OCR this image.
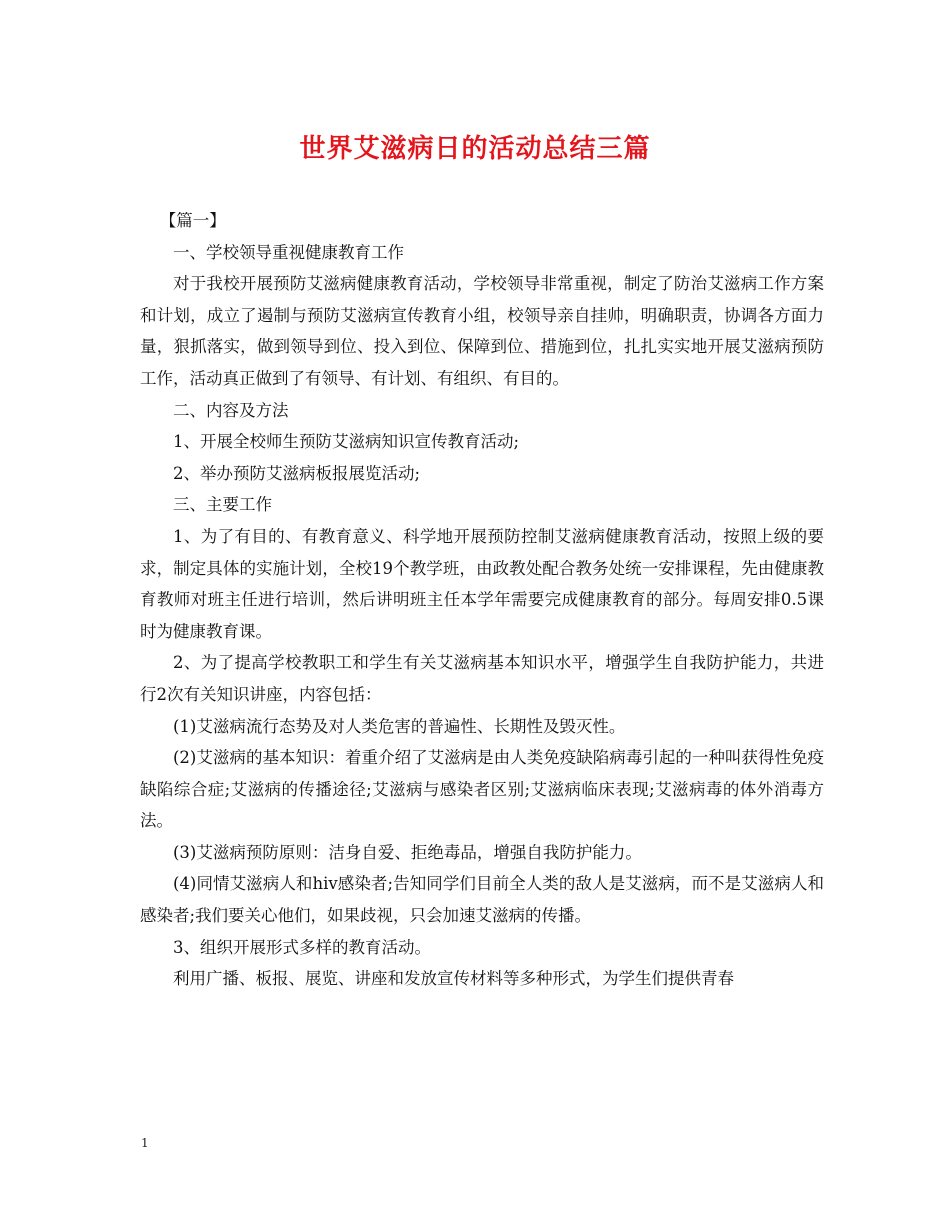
世界艾滋病日的活动总结三篇

【篇一】

一、学校领导重视健康教育工作

对于我校开展预防艾滋病健康教育活动，学校领导非常重视，制定了防治艾滋病工作方案和计划，成立了遏制与预防艾滋病宣传教育小组，校领导亲自挂帅，明确职责，协调各方面力量，狠抓落实，做到领导到位、投入到位、保障到位、措施到位，扎扎实实地开展艾滋病预防工作，活动真正做到了有领导、有计划、有组织、有目的。

二、内容及方法

1、开展全校师生预防艾滋病知识宣传教育活动;

2、举办预防艾滋病板报展览活动;

三、主要工作

1、为了有目的、有教育意义、科学地开展预防控制艾滋病健康教育活动，按照上级的要求，制定具体的实施计划，全校19个教学班，由政教处配合教务处统一安排课程，先由健康教育教师对班主任进行培训，然后讲明班主任本学年需要完成健康教育的部分。每周安排0.5课时为健康教育课。

2、为了提高学校教职工和学生有关艾滋病基本知识水平，增强学生自我防护能力，共进行2次有关知识讲座，内容包括：

(1)艾滋病流行态势及对人类危害的普遍性、长期性及毁灭性。

(2)艾滋病的基本知识：着重介绍了艾滋病是由人类免疫缺陷病毒引起的一种叫获得性免疫缺陷综合症;艾滋病的传播途径;艾滋病与感染者区别;艾滋病临床表现;艾滋病毒的体外消毒方法。

(3)艾滋病预防原则：洁身自爱、拒绝毒品，增强自我防护能力。

(4)同情艾滋病人和hiv感染者;告知同学们目前全人类的敌人是艾滋病，而不是艾滋病人和感染者;我们要关心他们，如果歧视，只会加速艾滋病的传播。

3、组织开展形式多样的教育活动。

利用广播、板报、展览、讲座和发放宣传材料等多种形式，为学生们提供青春

1
